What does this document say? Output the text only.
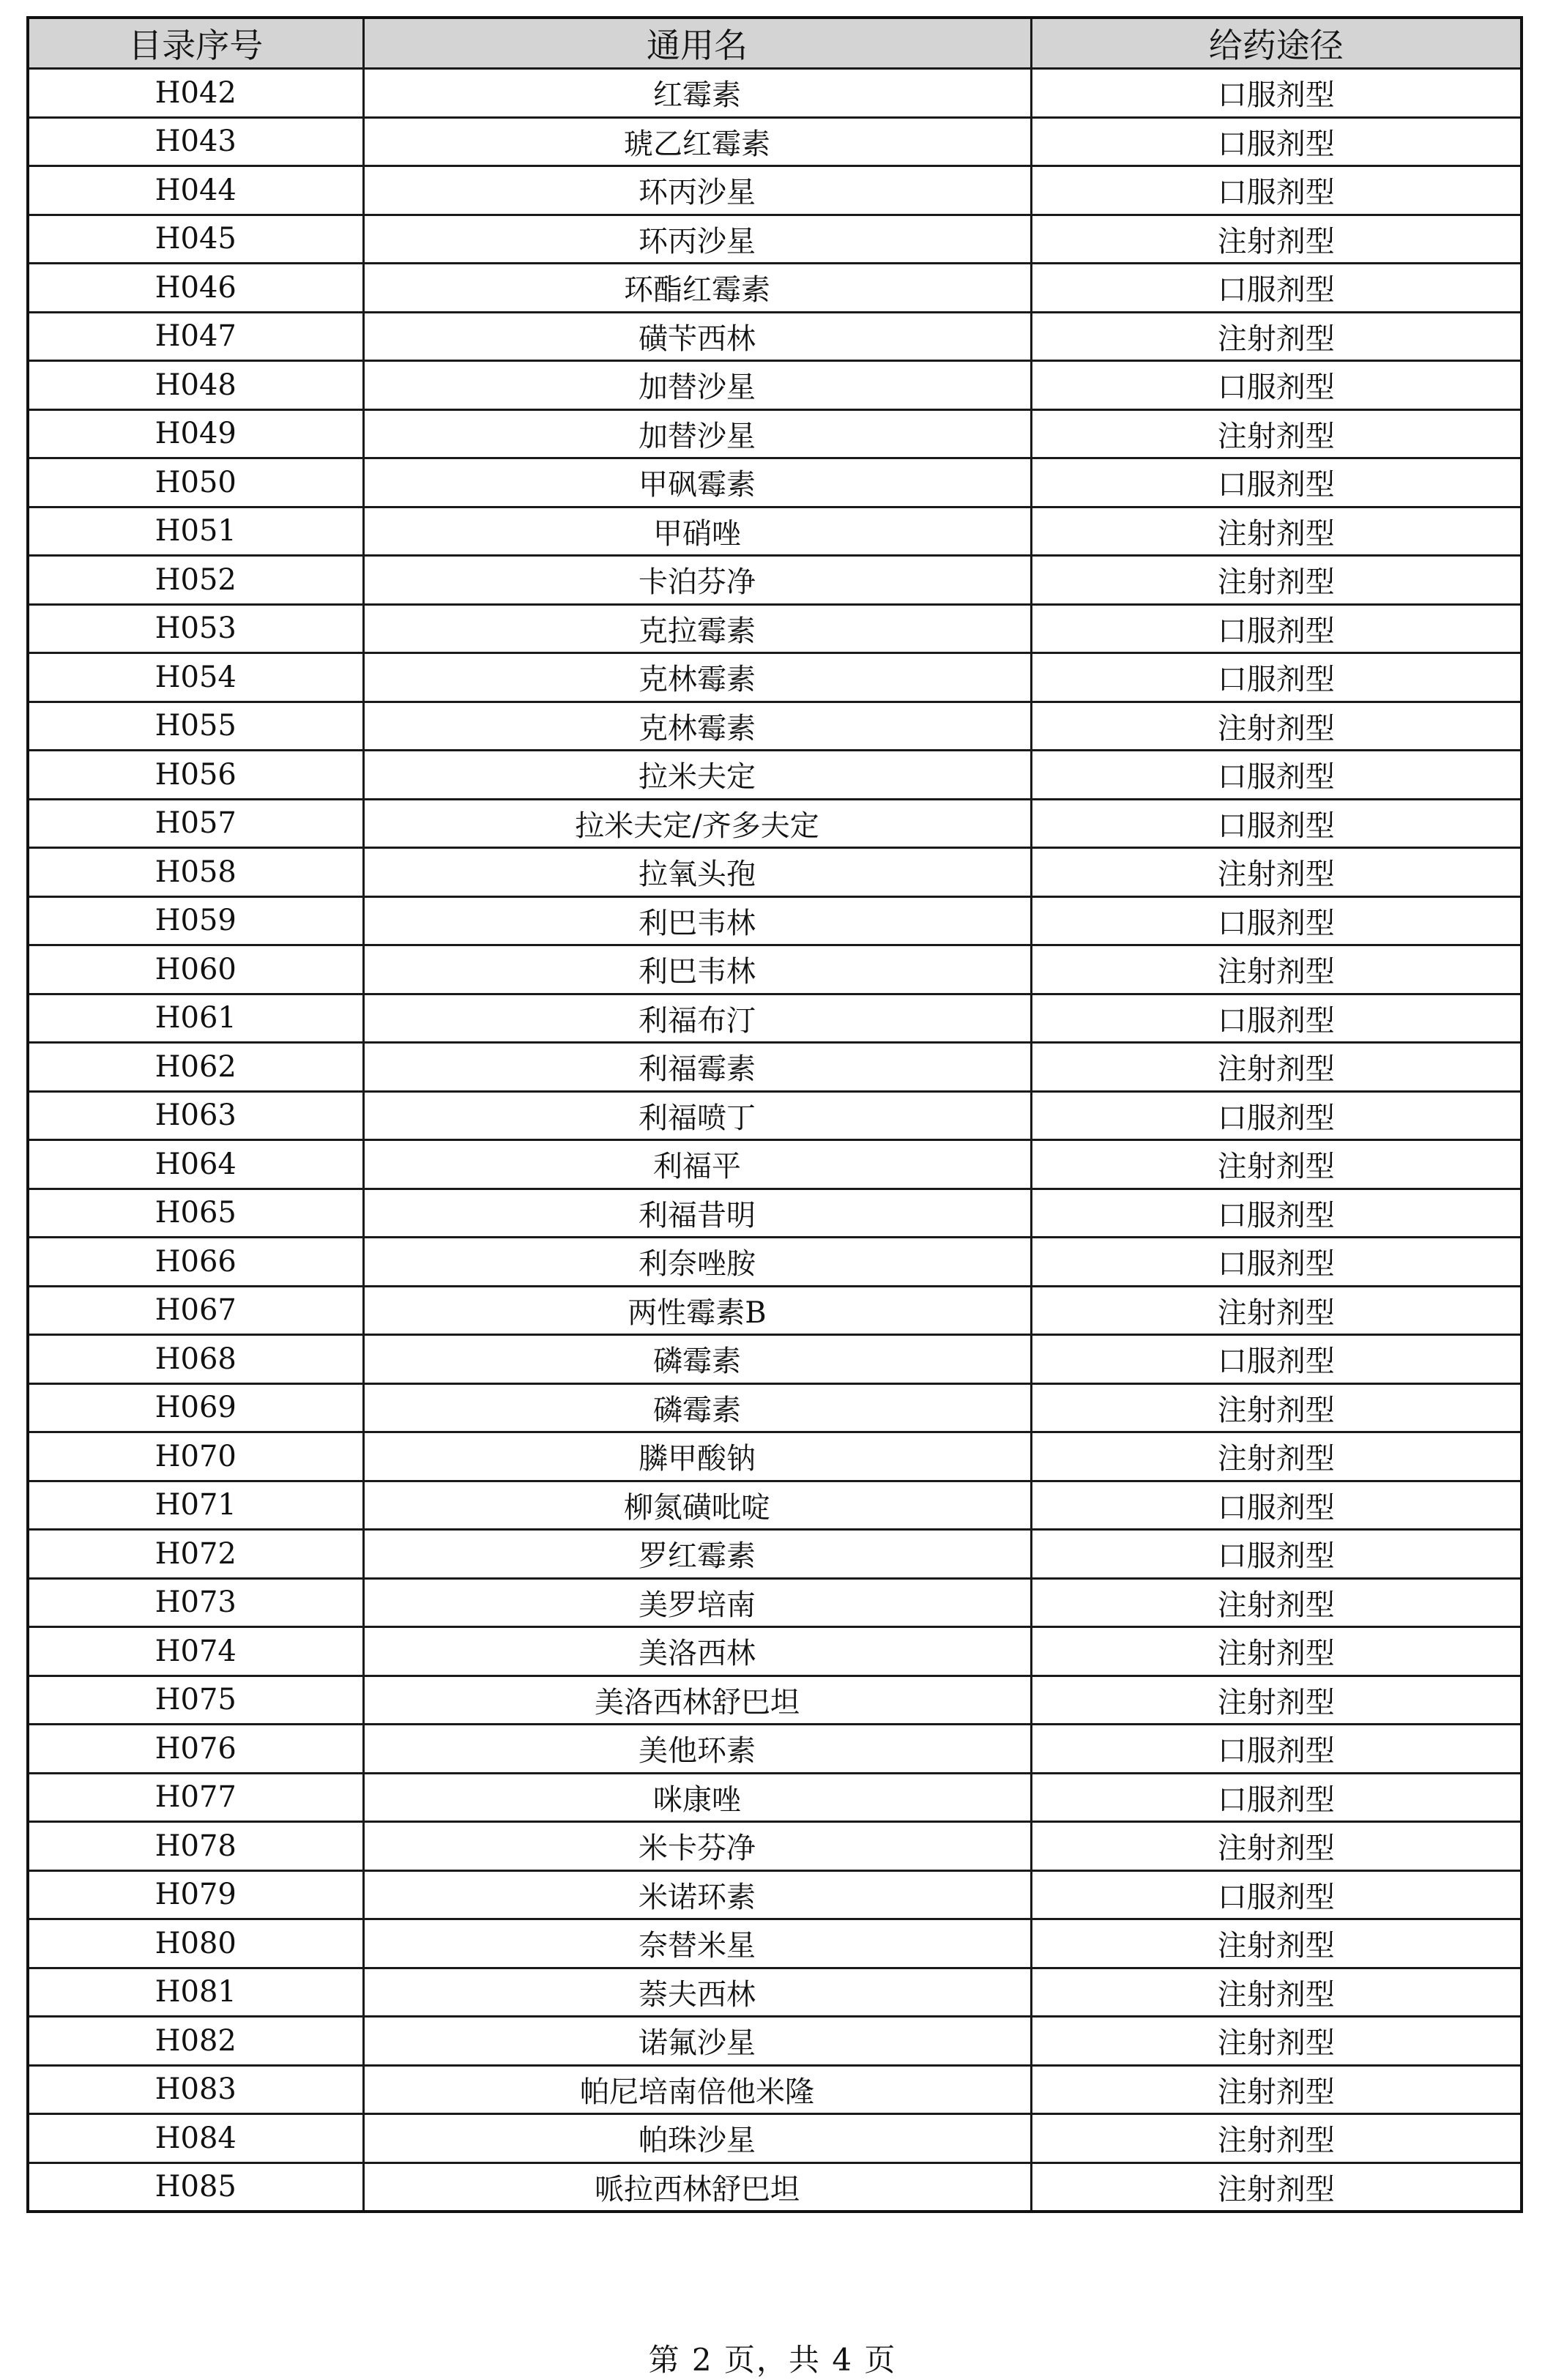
目录序号	通用名	给药途径
H042	红霉素	口服剂型
H043	琥乙红霉素	口服剂型
H044	环丙沙星	口服剂型
H045	环丙沙星	注射剂型
H046	环酯红霉素	口服剂型
H047	磺苄西林	注射剂型
H048	加替沙星	口服剂型
H049	加替沙星	注射剂型
H050	甲砜霉素	口服剂型
H051	甲硝唑	注射剂型
H052	卡泊芬净	注射剂型
H053	克拉霉素	口服剂型
H054	克林霉素	口服剂型
H055	克林霉素	注射剂型
H056	拉米夫定	口服剂型
H057	拉米夫定/齐多夫定	口服剂型
H058	拉氧头孢	注射剂型
H059	利巴韦林	口服剂型
H060	利巴韦林	注射剂型
H061	利福布汀	口服剂型
H062	利福霉素	注射剂型
H063	利福喷丁	口服剂型
H064	利福平	注射剂型
H065	利福昔明	口服剂型
H066	利奈唑胺	口服剂型
H067	两性霉素B	注射剂型
H068	磷霉素	口服剂型
H069	磷霉素	注射剂型
H070	膦甲酸钠	注射剂型
H071	柳氮磺吡啶	口服剂型
H072	罗红霉素	口服剂型
H073	美罗培南	注射剂型
H074	美洛西林	注射剂型
H075	美洛西林舒巴坦	注射剂型
H076	美他环素	口服剂型
H077	咪康唑	口服剂型
H078	米卡芬净	注射剂型
H079	米诺环素	口服剂型
H080	奈替米星	注射剂型
H081	萘夫西林	注射剂型
H082	诺氟沙星	注射剂型
H083	帕尼培南倍他米隆	注射剂型
H084	帕珠沙星	注射剂型
H085	哌拉西林舒巴坦	注射剂型
第 2 页，共 4 页
